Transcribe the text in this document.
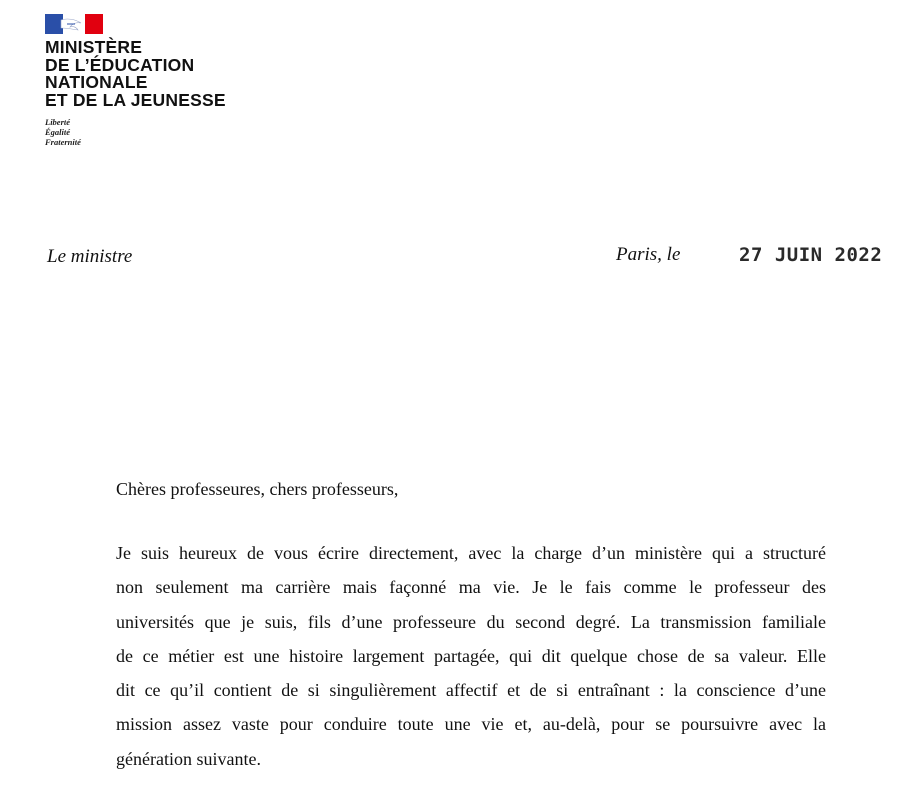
MINISTÈRE
DE L’ÉDUCATION
NATIONALE
ET DE LA JEUNESSE
Liberté
Égalité
Fraternité
Le ministre	Paris, le	27 JUIN 2022
Chères professeures, chers professeurs,
Je suis heureux de vous écrire directement, avec la charge d’un ministère qui a structuré
non seulement ma carrière mais façonné ma vie. Je le fais comme le professeur des
universités que je suis, fils d’une professeure du second degré. La transmission familiale
de ce métier est une histoire largement partagée, qui dit quelque chose de sa valeur. Elle
dit ce qu’il contient de si singulièrement affectif et de si entraînant : la conscience d’une
mission assez vaste pour conduire toute une vie et, au-delà, pour se poursuivre avec la
génération suivante.
